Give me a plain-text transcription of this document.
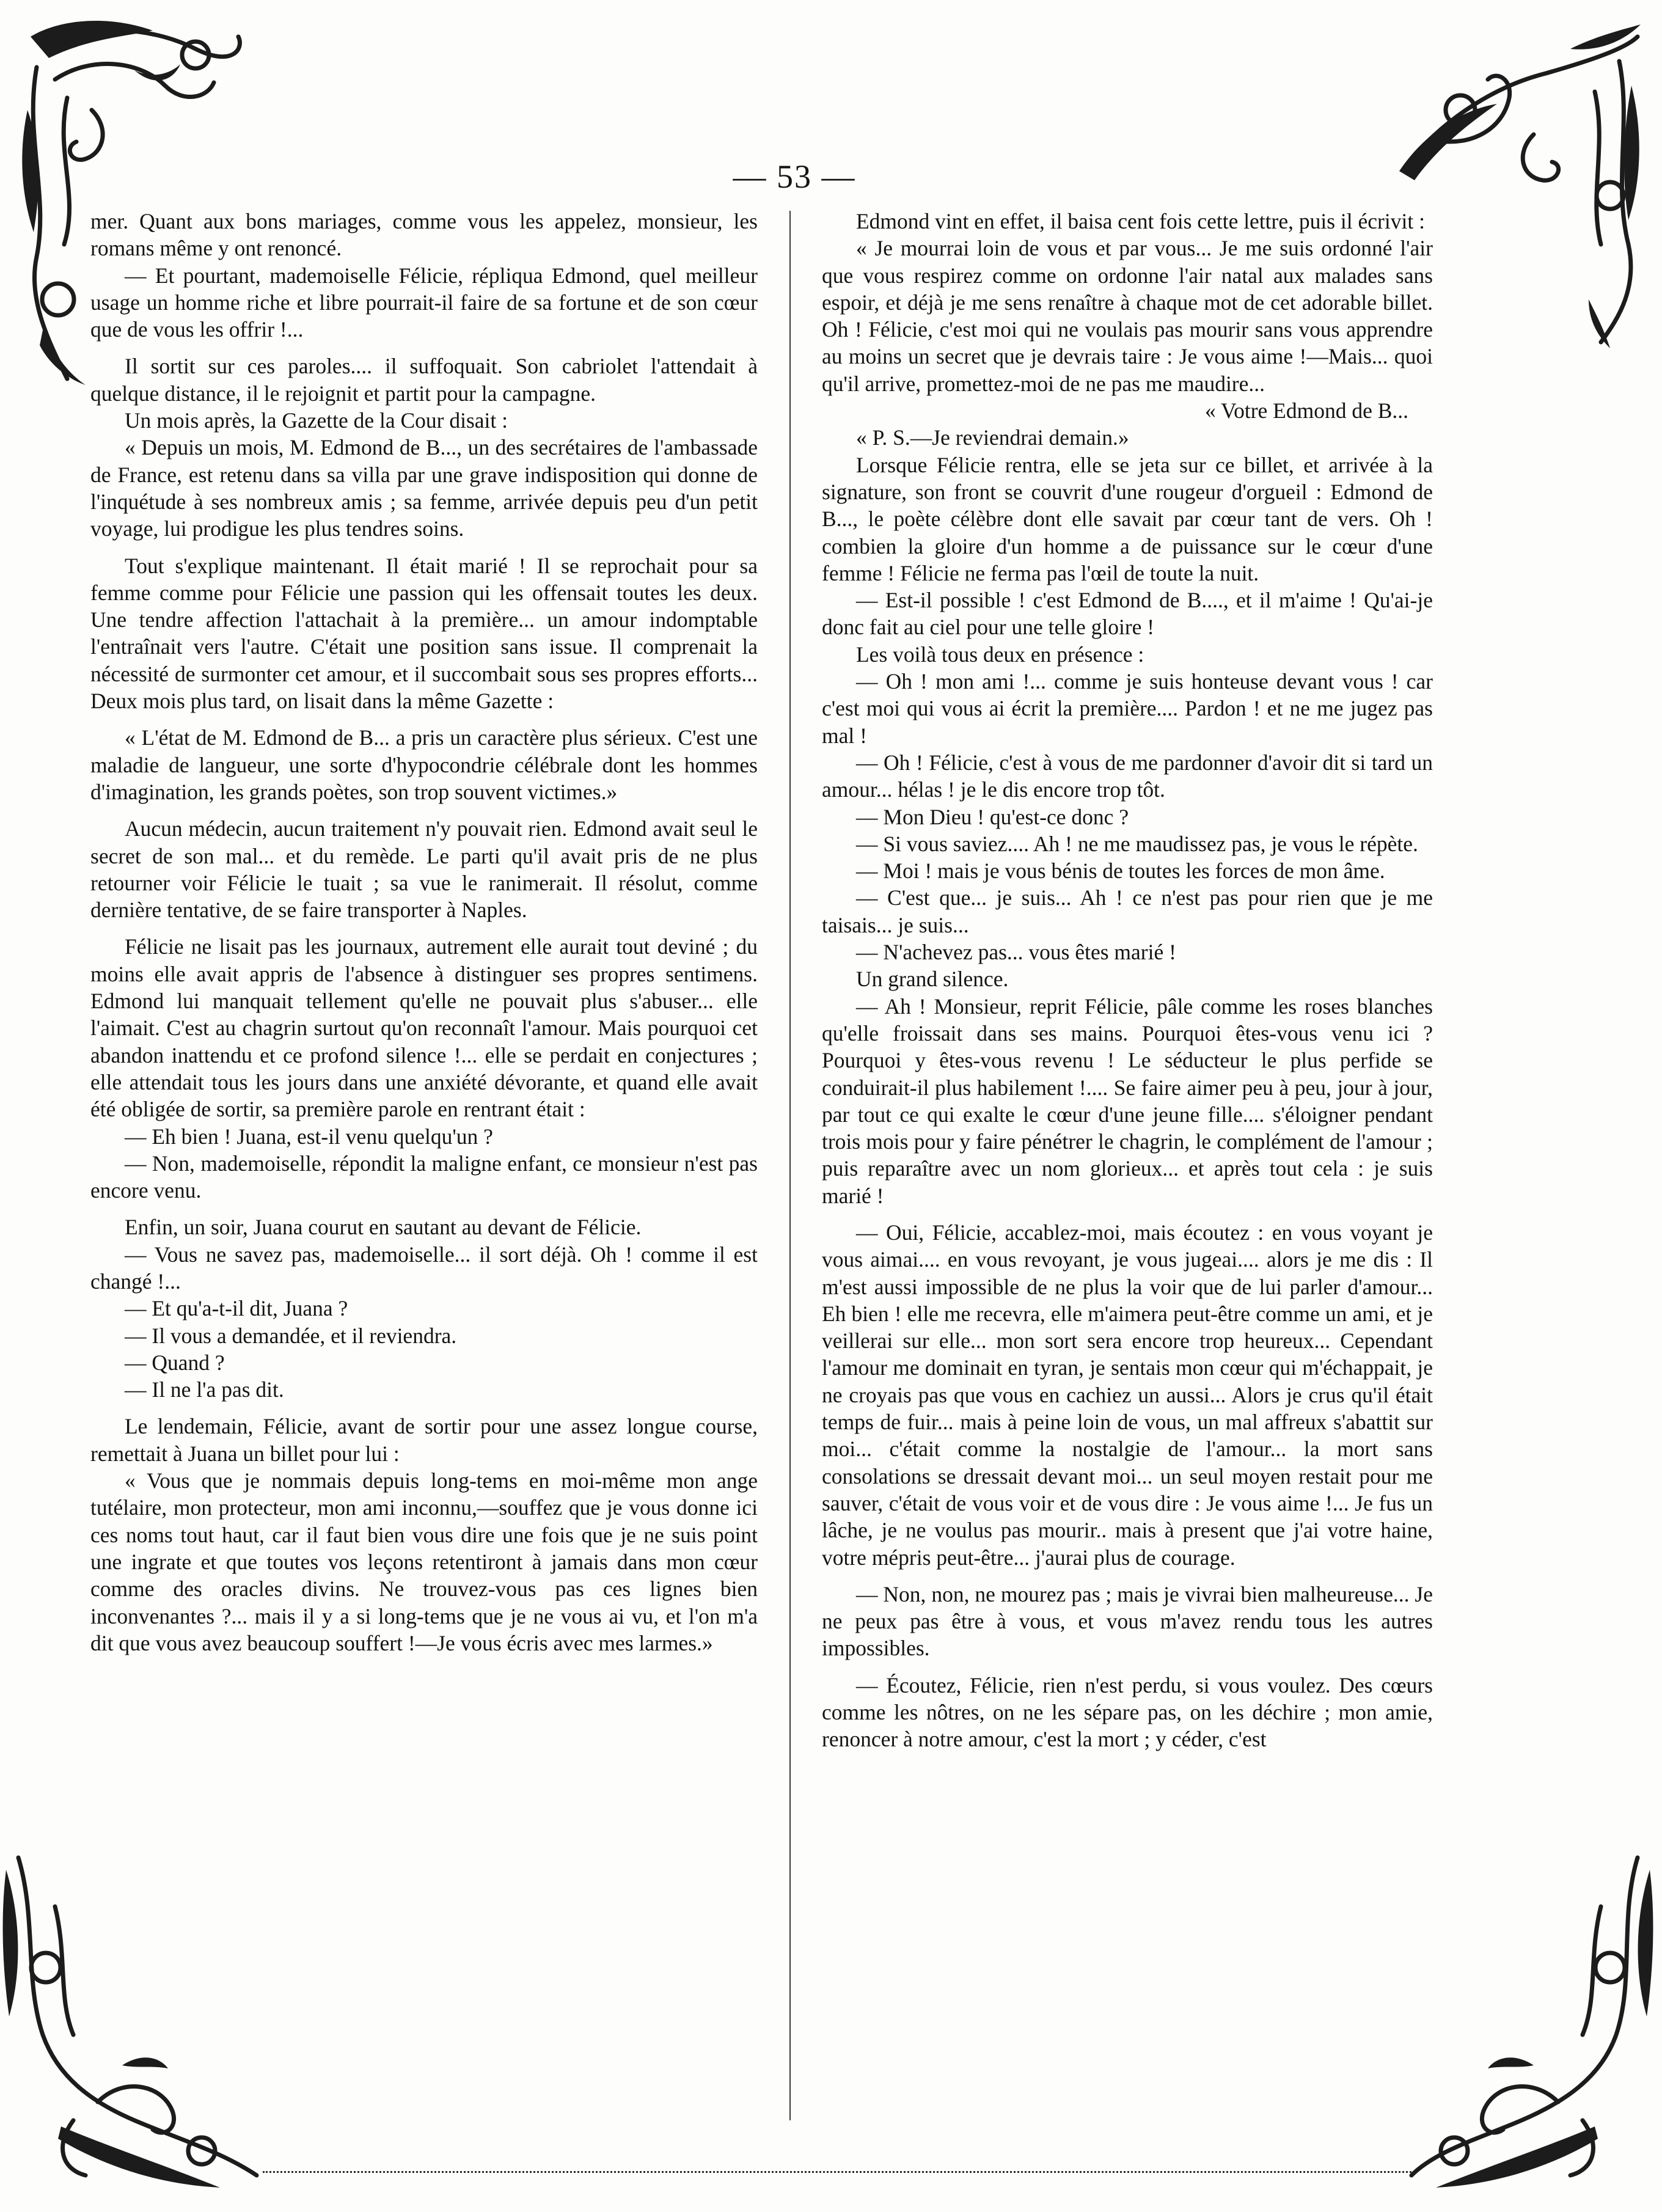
— 53 —

mer. Quant aux bons mariages, comme vous les appelez, monsieur, les romans même y ont renoncé.

— Et pourtant, mademoiselle Félicie, répliqua Edmond, quel meilleur usage un homme riche et libre pourrait-il faire de sa fortune et de son cœur que de vous les offrir !...

Il sortit sur ces paroles.... il suffoquait. Son cabriolet l'attendait à quelque distance, il le rejoignit et partit pour la campagne.

Un mois après, la Gazette de la Cour disait :

« Depuis un mois, M. Edmond de B..., un des secrétaires de l'ambassade de France, est retenu dans sa villa par une grave indisposition qui donne de l'inquétude à ses nombreux amis ; sa femme, arrivée depuis peu d'un petit voyage, lui prodigue les plus tendres soins.

Tout s'explique maintenant. Il était marié ! Il se reprochait pour sa femme comme pour Félicie une passion qui les offensait toutes les deux. Une tendre affection l'attachait à la première... un amour indomptable l'entraînait vers l'autre. C'était une position sans issue. Il comprenait la nécessité de surmonter cet amour, et il succombait sous ses propres efforts... Deux mois plus tard, on lisait dans la même Gazette :

« L'état de M. Edmond de B... a pris un caractère plus sérieux. C'est une maladie de langueur, une sorte d'hypocondrie célébrale dont les hommes d'imagination, les grands poètes, son trop souvent victimes.»

Aucun médecin, aucun traitement n'y pouvait rien. Edmond avait seul le secret de son mal... et du remède. Le parti qu'il avait pris de ne plus retourner voir Félicie le tuait ; sa vue le ranimerait. Il résolut, comme dernière tentative, de se faire transporter à Naples.

Félicie ne lisait pas les journaux, autrement elle aurait tout deviné ; du moins elle avait appris de l'absence à distinguer ses propres sentimens. Edmond lui manquait tellement qu'elle ne pouvait plus s'abuser... elle l'aimait. C'est au chagrin surtout qu'on reconnaît l'amour. Mais pourquoi cet abandon inattendu et ce profond silence !... elle se perdait en conjectures ; elle attendait tous les jours dans une anxiété dévorante, et quand elle avait été obligée de sortir, sa première parole en rentrant était :

— Eh bien ! Juana, est-il venu quelqu'un ?

— Non, mademoiselle, répondit la maligne enfant, ce monsieur n'est pas encore venu.

Enfin, un soir, Juana courut en sautant au devant de Félicie.

— Vous ne savez pas, mademoiselle... il sort déjà. Oh ! comme il est changé !...

— Et qu'a-t-il dit, Juana ?

— Il vous a demandée, et il reviendra.

— Quand ?

— Il ne l'a pas dit.

Le lendemain, Félicie, avant de sortir pour une assez longue course, remettait à Juana un billet pour lui :

« Vous que je nommais depuis long-tems en moi-même mon ange tutélaire, mon protecteur, mon ami inconnu,—souffez que je vous donne ici ces noms tout haut, car il faut bien vous dire une fois que je ne suis point une ingrate et que toutes vos leçons retentiront à jamais dans mon cœur comme des oracles divins. Ne trouvez-vous pas ces lignes bien inconvenantes ?... mais il y a si long-tems que je ne vous ai vu, et l'on m'a dit que vous avez beaucoup souffert !—Je vous écris avec mes larmes.»

Edmond vint en effet, il baisa cent fois cette lettre, puis il écrivit :

« Je mourrai loin de vous et par vous... Je me suis ordonné l'air que vous respirez comme on ordonne l'air natal aux malades sans espoir, et déjà je me sens renaître à chaque mot de cet adorable billet. Oh ! Félicie, c'est moi qui ne voulais pas mourir sans vous apprendre au moins un secret que je devrais taire : Je vous aime !—Mais... quoi qu'il arrive, promettez-moi de ne pas me maudire...

« Votre Edmond de B...

« P. S.—Je reviendrai demain.»

Lorsque Félicie rentra, elle se jeta sur ce billet, et arrivée à la signature, son front se couvrit d'une rougeur d'orgueil : Edmond de B..., le poète célèbre dont elle savait par cœur tant de vers. Oh ! combien la gloire d'un homme a de puissance sur le cœur d'une femme ! Félicie ne ferma pas l'œil de toute la nuit.

— Est-il possible ! c'est Edmond de B...., et il m'aime ! Qu'ai-je donc fait au ciel pour une telle gloire !

Les voilà tous deux en présence :

— Oh ! mon ami !... comme je suis honteuse devant vous ! car c'est moi qui vous ai écrit la première.... Pardon ! et ne me jugez pas mal !

— Oh ! Félicie, c'est à vous de me pardonner d'avoir dit si tard un amour... hélas ! je le dis encore trop tôt.

— Mon Dieu ! qu'est-ce donc ?

— Si vous saviez.... Ah ! ne me maudissez pas, je vous le répète.

— Moi ! mais je vous bénis de toutes les forces de mon âme.

— C'est que... je suis... Ah ! ce n'est pas pour rien que je me taisais... je suis...

— N'achevez pas... vous êtes marié !

Un grand silence.

— Ah ! Monsieur, reprit Félicie, pâle comme les roses blanches qu'elle froissait dans ses mains. Pourquoi êtes-vous venu ici ? Pourquoi y êtes-vous revenu ! Le séducteur le plus perfide se conduirait-il plus habilement !.... Se faire aimer peu à peu, jour à jour, par tout ce qui exalte le cœur d'une jeune fille.... s'éloigner pendant trois mois pour y faire pénétrer le chagrin, le complément de l'amour ; puis reparaître avec un nom glorieux... et après tout cela : je suis marié !

— Oui, Félicie, accablez-moi, mais écoutez : en vous voyant je vous aimai.... en vous revoyant, je vous jugeai.... alors je me dis : Il m'est aussi impossible de ne plus la voir que de lui parler d'amour... Eh bien ! elle me recevra, elle m'aimera peut-être comme un ami, et je veillerai sur elle... mon sort sera encore trop heureux... Cependant l'amour me dominait en tyran, je sentais mon cœur qui m'échappait, je ne croyais pas que vous en cachiez un aussi... Alors je crus qu'il était temps de fuir... mais à peine loin de vous, un mal affreux s'abattit sur moi... c'était comme la nostalgie de l'amour... la mort sans consolations se dressait devant moi... un seul moyen restait pour me sauver, c'était de vous voir et de vous dire : Je vous aime !... Je fus un lâche, je ne voulus pas mourir.. mais à present que j'ai votre haine, votre mépris peut-être... j'aurai plus de courage.

— Non, non, ne mourez pas ; mais je vivrai bien malheureuse... Je ne peux pas être à vous, et vous m'avez rendu tous les autres impossibles.

— Écoutez, Félicie, rien n'est perdu, si vous voulez. Des cœurs comme les nôtres, on ne les sépare pas, on les déchire ; mon amie, renoncer à notre amour, c'est la mort ; y céder, c'est
